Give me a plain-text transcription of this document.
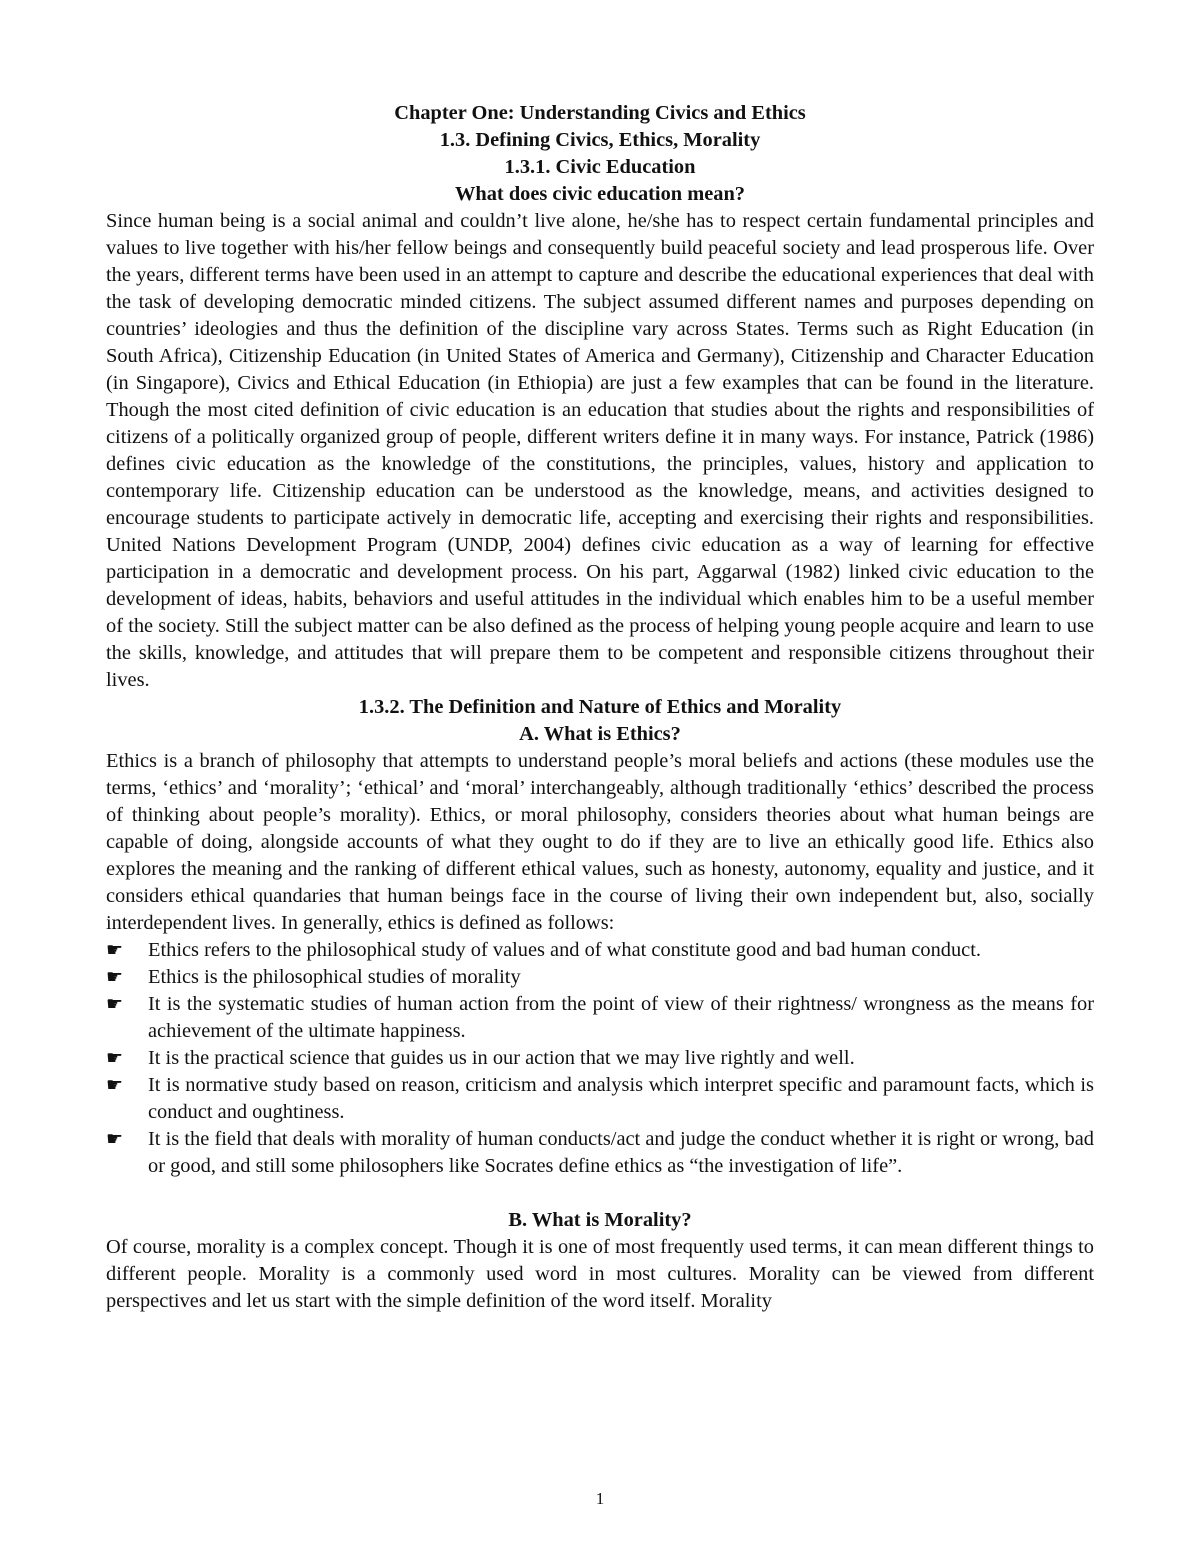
Chapter One: Understanding Civics and Ethics

1.3. Defining Civics, Ethics, Morality

1.3.1. Civic Education

What does civic education mean?

Since human being is a social animal and couldn’t live alone, he/she has to respect certain fundamental principles and values to live together with his/her fellow beings and consequently build peaceful society and lead prosperous life. Over the years, different terms have been used in an attempt to capture and describe the educational experiences that deal with the task of developing democratic minded citizens. The subject assumed different names and purposes depending on countries’ ideologies and thus the definition of the discipline vary across States. Terms such as Right Education (in South Africa), Citizenship Education (in United States of America and Germany), Citizenship and Character Education (in Singapore), Civics and Ethical Education (in Ethiopia) are just a few examples that can be found in the literature. Though the most cited definition of civic education is an education that studies about the rights and responsibilities of citizens of a politically organized group of people, different writers define it in many ways. For instance, Patrick (1986) defines civic education as the knowledge of the constitutions, the principles, values, history and application to contemporary life. Citizenship education can be understood as the knowledge, means, and activities designed to encourage students to participate actively in democratic life, accepting and exercising their rights and responsibilities. United Nations Development Program (UNDP, 2004) defines civic education as a way of learning for effective participation in a democratic and development process. On his part, Aggarwal (1982) linked civic education to the development of ideas, habits, behaviors and useful attitudes in the individual which enables him to be a useful member of the society. Still the subject matter can be also defined as the process of helping young people acquire and learn to use the skills, knowledge, and attitudes that will prepare them to be competent and responsible citizens throughout their lives.

1.3.2. The Definition and Nature of Ethics and Morality

A. What is Ethics?

Ethics is a branch of philosophy that attempts to understand people’s moral beliefs and actions (these modules use the terms, ‘ethics’ and ‘morality’; ‘ethical’ and ‘moral’ interchangeably, although traditionally ‘ethics’ described the process of thinking about people’s morality). Ethics, or moral philosophy, considers theories about what human beings are capable of doing, alongside accounts of what they ought to do if they are to live an ethically good life. Ethics also explores the meaning and the ranking of different ethical values, such as honesty, autonomy, equality and justice, and it considers ethical quandaries that human beings face in the course of living their own independent but, also, socially interdependent lives. In generally, ethics is defined as follows:

☛	Ethics refers to the philosophical study of values and of what constitute good and bad human conduct.
☛	Ethics is the philosophical studies of morality
☛	It is the systematic studies of human action from the point of view of their rightness/ wrongness as the means for achievement of the ultimate happiness.
☛	It is the practical science that guides us in our action that we may live rightly and well.
☛	It is normative study based on reason, criticism and analysis which interpret specific and paramount facts, which is conduct and oughtiness.
☛	It is the field that deals with morality of human conducts/act and judge the conduct whether it is right or wrong, bad or good, and still some philosophers like Socrates define ethics as “the investigation of life”.

B. What is Morality?

Of course, morality is a complex concept. Though it is one of most frequently used terms, it can mean different things to different people. Morality is a commonly used word in most cultures. Morality can be viewed from different perspectives and let us start with the simple definition of the word itself. Morality

1
